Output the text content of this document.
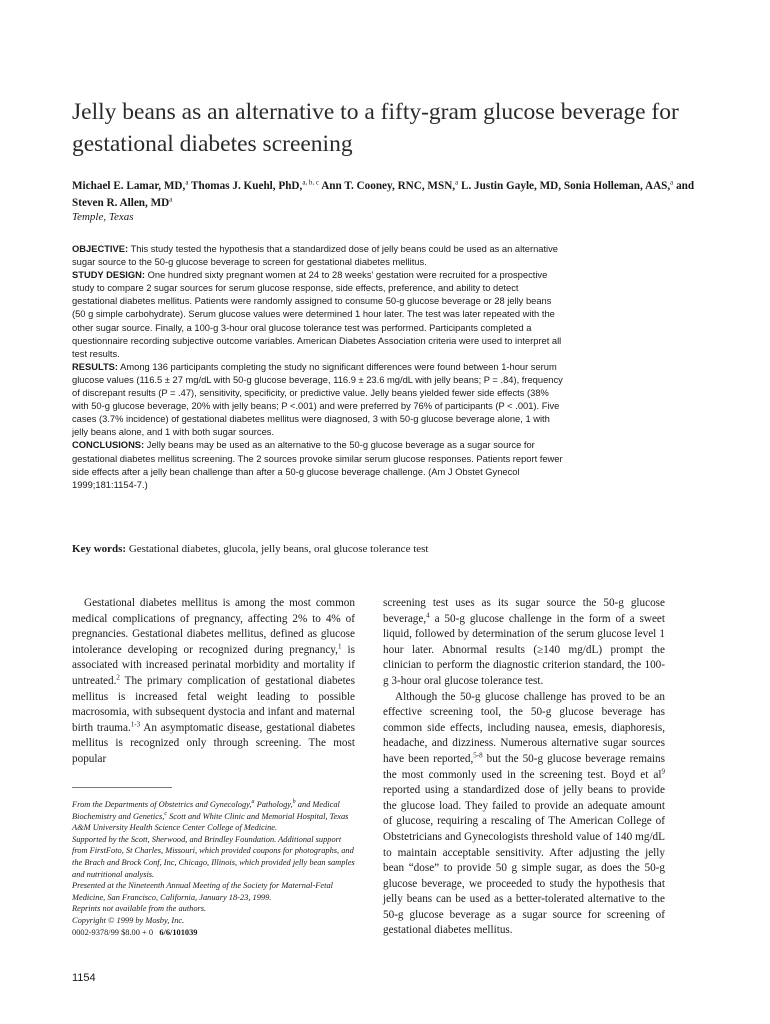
Jelly beans as an alternative to a fifty-gram glucose beverage for gestational diabetes screening
Michael E. Lamar, MD,$^a$ Thomas J. Kuehl, PhD,$^{a, b, c}$ Ann T. Cooney, RNC, MSN,$^a$ L. Justin Gayle, MD, Sonia Holleman, AAS,$^a$ and Steven R. Allen, $MD^a$
Temple, Texas

OBJECTIVE: This study tested the hypothesis that a standardized dose of jelly beans could be used as an alternative sugar source to the 50-g glucose beverage to screen for gestational diabetes mellitus.

STUDY DESIGN: One hundred sixty pregnant women at 24 to 28 weeks' gestation were recruited for a prospective study to compare 2 sugar sources for serum glucose response, side effects, preference, and ability to detect gestational diabetes mellitus. Patients were randomly assigned to consume 50-g glucose beverage or 28 jelly beans (50 g simple carbohydrate). Serum glucose values were determined 1 hour later. The test was later repeated with the other sugar source. Finally, a 100-g 3-hour oral glucose tolerance test was performed. Participants completed a questionnaire recording subjective outcome variables. American Diabetes Association criteria were used to interpret all test results.

RESULTS: Among 136 participants completing the study no significant differences were found between 1-hour serum glucose values (116.5 ± 27 mg/dL with 50-g glucose beverage, 116.9 ± 23.6 mg/dL with jelly beans; P = .84), frequency of discrepant results (P = .47), sensitivity, specificity, or predictive value. Jelly beans yielded fewer side effects (38% with 50-g glucose beverage, 20% with jelly beans; P <.001) and were preferred by 76% of participants (P < .001). Five cases (3.7% incidence) of gestational diabetes mellitus were diagnosed, 3 with 50-g glucose beverage alone, 1 with jelly beans alone, and 1 with both sugar sources.

CONCLUSIONS: Jelly beans may be used as an alternative to the 50-g glucose beverage as a sugar source for gestational diabetes mellitus screening. The 2 sources provoke similar serum glucose responses. Patients report fewer side effects after a jelly bean challenge than after a 50-g glucose beverage challenge. (Am J Obstet Gynecol 1999;181:1154-7.)

Key words: Gestational diabetes, glucola, jelly beans, oral glucose tolerance test

Gestational diabetes mellitus is among the most common medical complications of pregnancy, affecting 2% to 4% of pregnancies. Gestational diabetes mellitus, defined as glucose intolerance developing or recognized during pregnancy,$^1$ is associated with increased perinatal morbidity and mortality if untreated.$^2$ The primary complication of gestational diabetes mellitus is increased fetal weight leading to possible macrosomia, with subsequent dystocia and infant and maternal birth trauma.$^{1-3}$ An asymptomatic disease, gestational diabetes mellitus is recognized only through screening. The most popular

From the Departments of Obstetrics and Gynecology,$^a$ Pathology,$^b$ and Medical Biochemistry and Genetics,$^c$ Scott and White Clinic and Memorial Hospital, Texas A&M University Health Science Center College of Medicine.

Supported by the Scott, Sherwood, and Brindley Foundation. Additional support from FirstFoto, St Charles, Missouri, which provided coupons for photographs, and the Brach and Brock Conf, Inc, Chicago, Illinois, which provided jelly bean samples and nutritional analysis.

Presented at the Nineteenth Annual Meeting of the Society for Maternal-Fetal Medicine, San Francisco, California, January 18-23, 1999.

Reprints not available from the authors.

Copyright © 1999 by Mosby, Inc.

0002-9378/99 $8.00 + 0 6/6/101039

screening test uses as its sugar source the 50-g glucose beverage,$^4$ a 50-g glucose challenge in the form of a sweet liquid, followed by determination of the serum glucose level 1 hour later. Abnormal results (≥140 mg/dL) prompt the clinician to perform the diagnostic criterion standard, the 100-g 3-hour oral glucose tolerance test.

Although the 50-g glucose challenge has proved to be an effective screening tool, the 50-g glucose beverage has common side effects, including nausea, emesis, diaphoresis, headache, and dizziness. Numerous alternative sugar sources have been reported,$^{5-8}$ but the 50-g glucose beverage remains the most commonly used in the screening test. Boyd et $al^9$ reported using a standardized dose of jelly beans to provide the glucose load. They failed to provide an adequate amount of glucose, requiring a rescaling of The American College of Obstetricians and Gynecologists threshold value of 140 mg/dL to maintain acceptable sensitivity. After adjusting the jelly bean “dose” to provide 50 g simple sugar, as does the 50-g glucose beverage, we proceeded to study the hypothesis that jelly beans can be used as a better-tolerated alternative to the 50-g glucose beverage as a sugar source for screening of gestational diabetes mellitus.

1154
